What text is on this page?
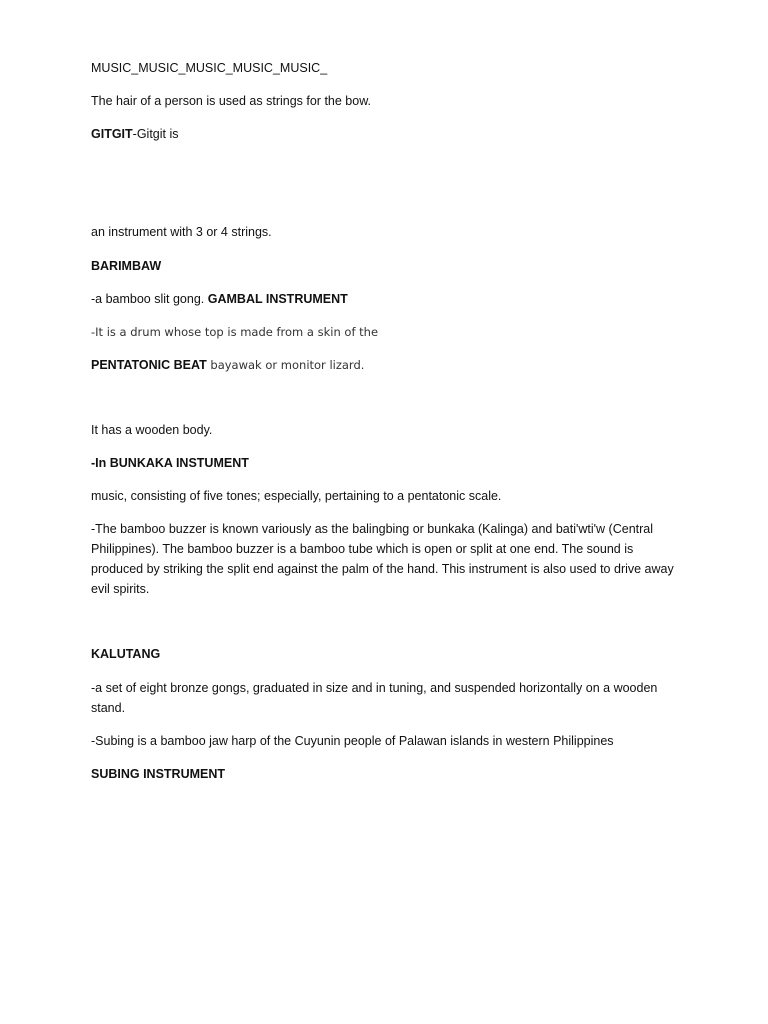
MUSIC_MUSIC_MUSIC_MUSIC_MUSIC_
The hair of a person is used as strings for the bow.
GITGIT-Gitgit is
an instrument with 3 or 4 strings.
BARIMBAW
-a bamboo slit gong. GAMBAL INSTRUMENT
-It is a drum whose top is made from a skin of the
PENTATONIC BEAT bayawak or monitor lizard.
It has a wooden body.
-In BUNKAKA INSTUMENT
music, consisting of five tones; especially, pertaining to a pentatonic scale.
-The bamboo buzzer is known variously as the balingbing or bunkaka (Kalinga) and bati'wti'w (Central Philippines). The bamboo buzzer is a bamboo tube which is open or split at one end. The sound is produced by striking the split end against the palm of the hand. This instrument is also used to drive away evil spirits.
KALUTANG
-a set of eight bronze gongs, graduated in size and in tuning, and suspended horizontally on a wooden stand.
-Subing is a bamboo jaw harp of the Cuyunin people of Palawan islands in western Philippines
SUBING INSTRUMENT
